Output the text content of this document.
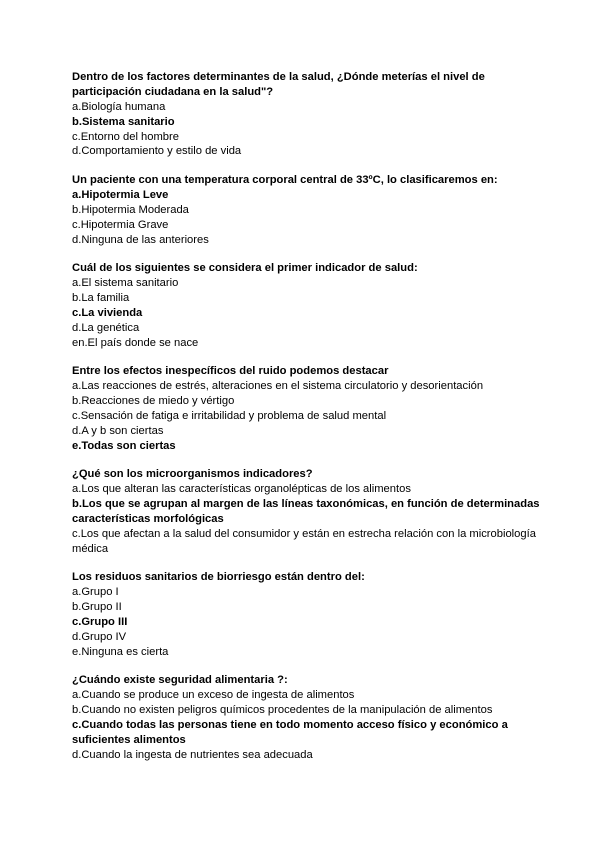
Dentro de los factores determinantes de la salud, ¿Dónde meterías el nivel de participación ciudadana en la salud"?
a.Biología humana
b.Sistema sanitario
c.Entorno del hombre
d.Comportamiento y estilo de vida
Un paciente con una temperatura corporal central de 33ºC, lo clasificaremos en:
a.Hipotermia Leve
b.Hipotermia Moderada
c.Hipotermia Grave
d.Ninguna de las anteriores
Cuál de los siguientes se considera el primer indicador de salud:
a.El sistema sanitario
b.La familia
c.La vivienda
d.La genética
en.El país donde se nace
Entre los efectos inespecíficos del ruido podemos destacar
a.Las reacciones de estrés, alteraciones en el sistema circulatorio y desorientación
b.Reacciones de miedo y vértigo
c.Sensación de fatiga e irritabilidad y problema de salud mental
d.A y b son ciertas
e.Todas son ciertas
¿Qué son los microorganismos indicadores?
a.Los que alteran las características organolépticas de los alimentos
b.Los que se agrupan al margen de las líneas taxonómicas, en función de determinadas características morfológicas
c.Los que afectan a la salud del consumidor y están en estrecha relación con la microbiología médica
Los residuos sanitarios de biorriesgo están dentro del:
a.Grupo I
b.Grupo II
c.Grupo III
d.Grupo IV
e.Ninguna es cierta
¿Cuándo existe seguridad alimentaria ?:
a.Cuando se produce un exceso de ingesta de alimentos
b.Cuando no existen peligros químicos procedentes de la manipulación de alimentos
c.Cuando todas las personas tiene en todo momento acceso físico y económico a suficientes alimentos
d.Cuando la ingesta de nutrientes sea adecuada
